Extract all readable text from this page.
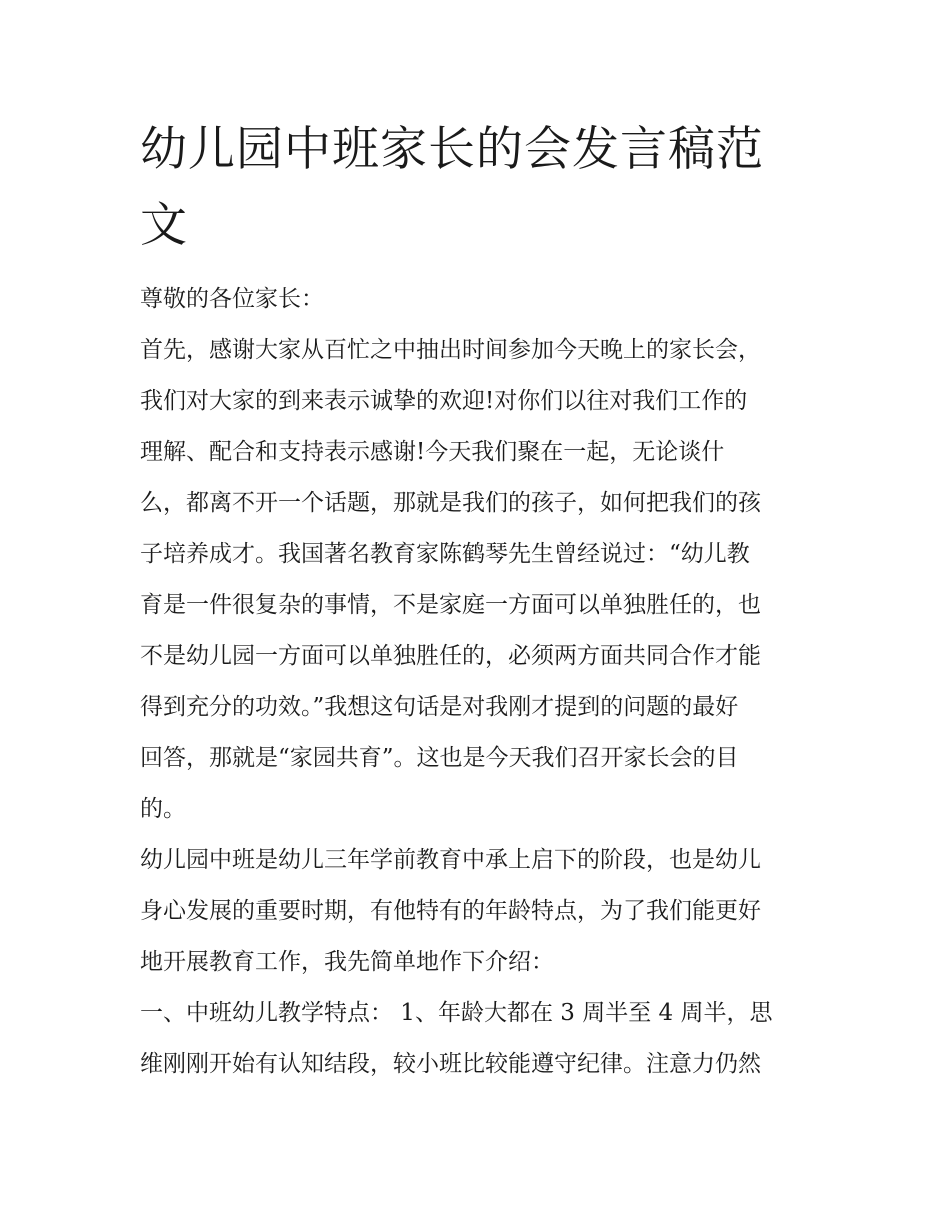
幼儿园中班家长的会发言稿范
文

尊敬的各位家长：

首先，感谢大家从百忙之中抽出时间参加今天晚上的家长会，
我们对大家的到来表示诚挚的欢迎!对你们以往对我们工作的
理解、配合和支持表示感谢!今天我们聚在一起，无论谈什
么，都离不开一个话题，那就是我们的孩子，如何把我们的孩
子培养成才。我国著名教育家陈鹤琴先生曾经说过：“幼儿教
育是一件很复杂的事情，不是家庭一方面可以单独胜任的，也
不是幼儿园一方面可以单独胜任的，必须两方面共同合作才能
得到充分的功效。”我想这句话是对我刚才提到的问题的最好
回答，那就是“家园共育”。这也是今天我们召开家长会的目
的。

幼儿园中班是幼儿三年学前教育中承上启下的阶段，也是幼儿
身心发展的重要时期，有他特有的年龄特点，为了我们能更好
地开展教育工作，我先简单地作下介绍：

一、中班幼儿教学特点： 1、年龄大都在 3 周半至 4 周半，思
维刚刚开始有认知结段，较小班比较能遵守纪律。注意力仍然
